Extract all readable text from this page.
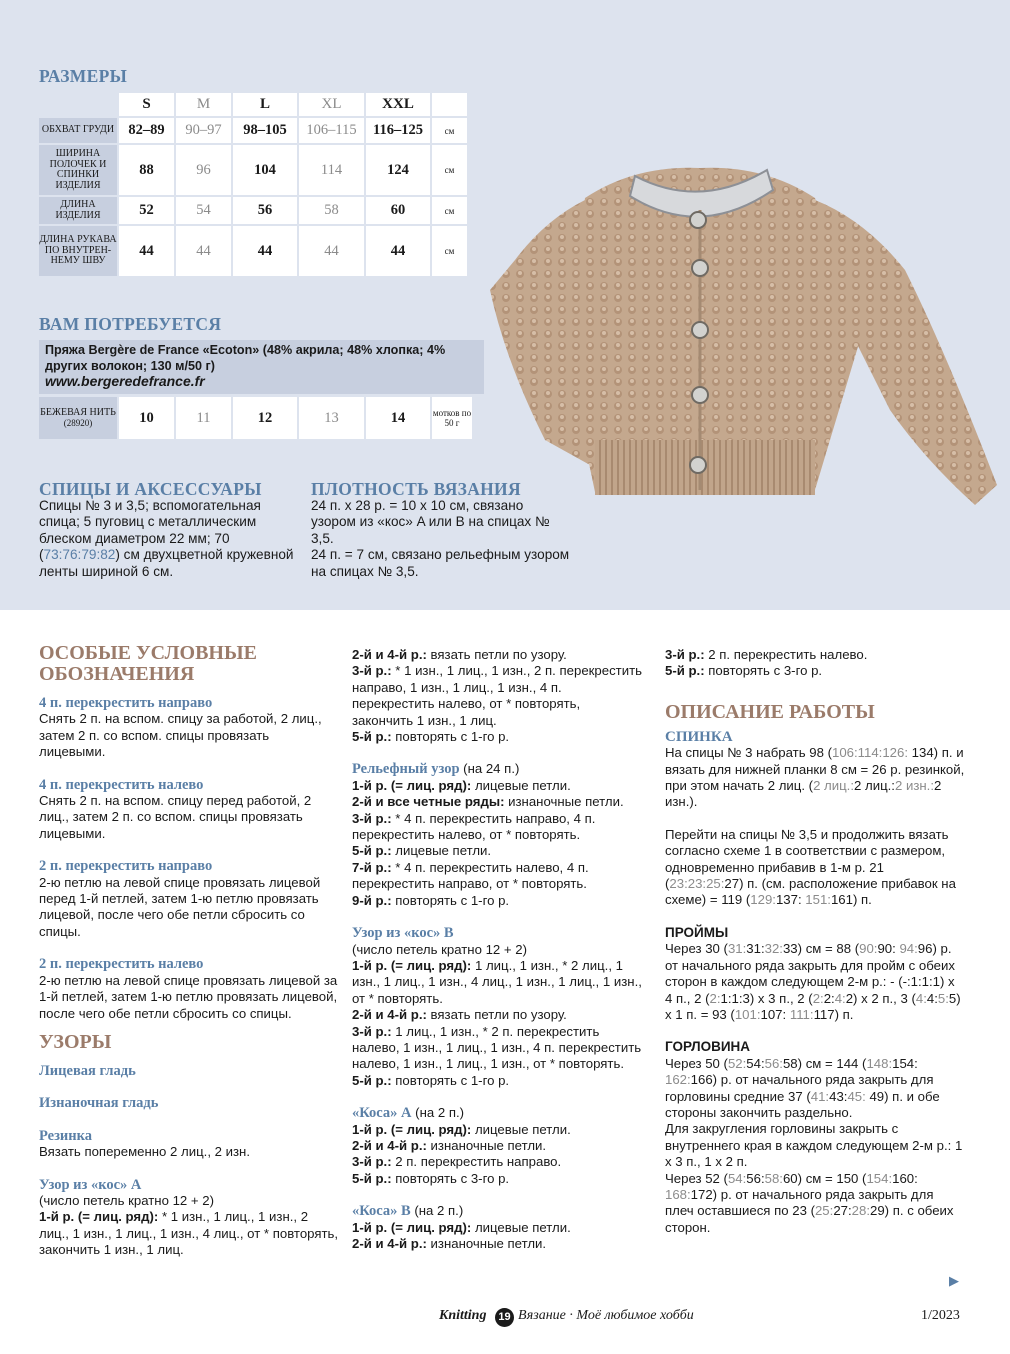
РАЗМЕРЫ
	S	M	L	XL	XXL	
ОБХВАТ ГРУДИ	82–89	90–97	98–105	106–115	116–125	см
ШИРИНА ПОЛОЧЕК И СПИНКИ ИЗДЕЛИЯ	88	96	104	114	124	см
ДЛИНА ИЗДЕЛИЯ	52	54	56	58	60	см
ДЛИНА РУКАВА ПО ВНУТРЕН-НЕМУ ШВУ	44	44	44	44	44	см
ВАМ ПОТРЕБУЕТСЯ
Пряжа Bergère de France «Ecoton» (48% акрила; 48% хлопка; 4% других волокон; 130 м/50 г)
www.bergeredefrance.fr
БЕЖЕВАЯ НИТЬ
(28920)	10	11	12	13	14	мотков по 50 г
СПИЦЫ И АКСЕССУАРЫ
Спицы № 3 и 3,5; вспомогательная спица; 5 пуговиц с металлическим блеском диаметром 22 мм; 70 (73:76:79:82) см двухцветной кружевной ленты шириной 6 см.
ПЛОТНОСТЬ ВЯЗАНИЯ

24 п. х 28 р. = 10 х 10 см, связано узором из «кос» A или B на спицах № 3,5.

24 п. = 7 см, связано рельефным узором на спицах № 3,5.

ОСОБЫЕ УСЛОВНЫЕ ОБОЗНАЧЕНИЯ
4 п. перекрестить направо

Снять 2 п. на вспом. спицу за работой, 2 лиц., затем 2 п. со вспом. спицы провязать лицевыми.

4 п. перекрестить налево

Снять 2 п. на вспом. спицу перед работой, 2 лиц., затем 2 п. со вспом. спицы провязать лицевыми.

2 п. перекрестить направо

2-ю петлю на левой спице провязать лицевой перед 1-й петлей, затем 1-ю петлю провязать лицевой, после чего обе петли сбросить со спицы.

2 п. перекрестить налево

2-ю петлю на левой спице провязать лицевой за 1-й петлей, затем 1-ю петлю провязать лицевой, после чего обе петли сбросить со спицы.

УЗОРЫ
Лицевая гладь
Изнаночная гладь
Резинка

Вязать попеременно 2 лиц., 2 изн.

Узор из «кос» A

(число петель кратно 12 + 2)

1-й р. (= лиц. ряд): * 1 изн., 1 лиц., 1 изн., 2 лиц., 1 изн., 1 лиц., 1 изн., 4 лиц., от * повторять, закончить 1 изн., 1 лиц.

2-й и 4-й р.: вязать петли по узору.

3-й р.: * 1 изн., 1 лиц., 1 изн., 2 п. перекрестить направо, 1 изн., 1 лиц., 1 изн., 4 п. перекрестить налево, от * повторять, закончить 1 изн., 1 лиц.

5-й р.: повторять с 1-го р.

Рельефный узор (на 24 п.)

1-й р. (= лиц. ряд): лицевые петли.

2-й и все четные ряды: изнаночные петли.

3-й р.: * 4 п. перекрестить направо, 4 п. перекрестить налево, от * повторять.

5-й р.: лицевые петли.

7-й р.: * 4 п. перекрестить налево, 4 п. перекрестить направо, от * повторять.

9-й р.: повторять с 1-го р.

Узор из «кос» B

(число петель кратно 12 + 2)

1-й р. (= лиц. ряд): 1 лиц., 1 изн., * 2 лиц., 1 изн., 1 лиц., 1 изн., 4 лиц., 1 изн., 1 лиц., 1 изн., от * повторять.

2-й и 4-й р.: вязать петли по узору.

3-й р.: 1 лиц., 1 изн., * 2 п. перекрестить налево, 1 изн., 1 лиц., 1 изн., 4 п. перекрестить налево, 1 изн., 1 лиц., 1 изн., от * повторять.

5-й р.: повторять с 1-го р.

«Коса» A (на 2 п.)

1-й р. (= лиц. ряд): лицевые петли.

2-й и 4-й р.: изнаночные петли.

3-й р.: 2 п. перекрестить направо.

5-й р.: повторять с 3-го р.

«Коса» B (на 2 п.)

1-й р. (= лиц. ряд): лицевые петли.

2-й и 4-й р.: изнаночные петли.

3-й р.: 2 п. перекрестить налево.

5-й р.: повторять с 3-го р.

ОПИСАНИЕ РАБОТЫ
СПИНКА

На спицы № 3 набрать 98 (106:114:126: 134) п. и вязать для нижней планки 8 см = 26 р. резинкой, при этом начать 2 лиц. (2 лиц.:2 лиц.:2 изн.:2 изн.).

Перейти на спицы № 3,5 и продолжить вязать согласно схеме 1 в соответствии с размером, одновременно прибавив в 1-м р. 21 (23:23:25:27) п. (см. расположение прибавок на схеме) = 119 (129:137: 151:161) п.

ПРОЙМЫ

Через 30 (31:31:32:33) см = 88 (90:90: 94:96) р. от начального ряда закрыть для пройм с обеих сторон в каждом следующем 2-м р.: - (-:1:1:1) х 4 п., 2 (2:1:1:3) х 3 п., 2 (2:2:4:2) х 2 п., 3 (4:4:5:5) х 1 п. = 93 (101:107: 111:117) п.

ГОРЛОВИНА

Через 50 (52:54:56:58) см = 144 (148:154: 162:166) р. от начального ряда закрыть для горловины средние 37 (41:43:45: 49) п. и обе стороны закончить раздельно.

Для закругления горловины закрыть с внутреннего края в каждом следующем 2-м р.: 1 х 3 п., 1 х 2 п.

Через 52 (54:56:58:60) см = 150 (154:160: 168:172) р. от начального ряда закрыть для плеч оставшиеся по 23 (25:27:28:29) п. с обеих сторон.

▶
Knitting	19 Вязание · Моё любимое хобби	1/2023
